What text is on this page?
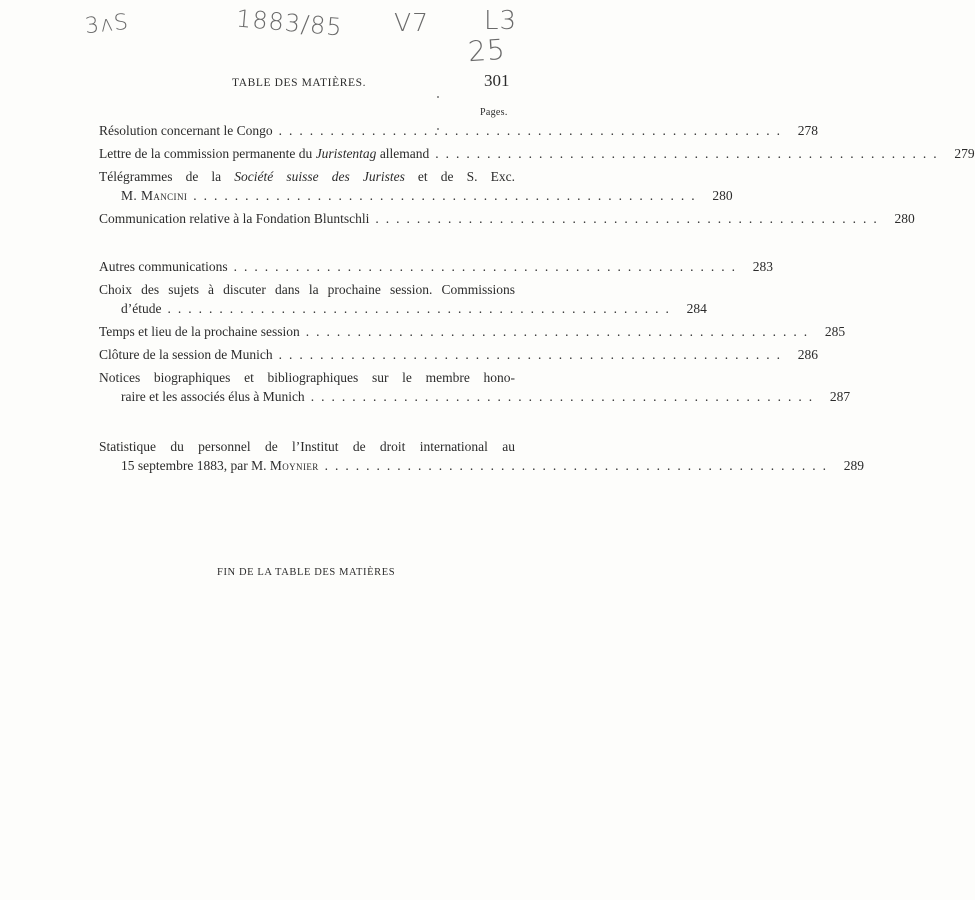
3ʌS	1883/85 V7 L3
25
TABLE DES MATIÈRES.	301
Pages.
Résolution concernant le Congo ................................................. 278
Lettre de la commission permanente du Juristentag allemand ................................................. 279
Télégrammes de la Société suisse des Juristes et de S. Exc.
M. Mancini ................................................. 280
Communication relative à la Fondation Bluntschli ................................................. 280
Autres communications ................................................. 283
Choix des sujets à discuter dans la prochaine session. Commissions
d’étude ................................................. 284
Temps et lieu de la prochaine session ................................................. 285
Clôture de la session de Munich ................................................. 286
Notices biographiques et bibliographiques sur le membre hono-
raire et les associés élus à Munich ................................................. 287
Statistique du personnel de l’Institut de droit international au
15 septembre 1883, par M. Moynier ................................................. 289
FIN DE LA TABLE DES MATIÈRES
